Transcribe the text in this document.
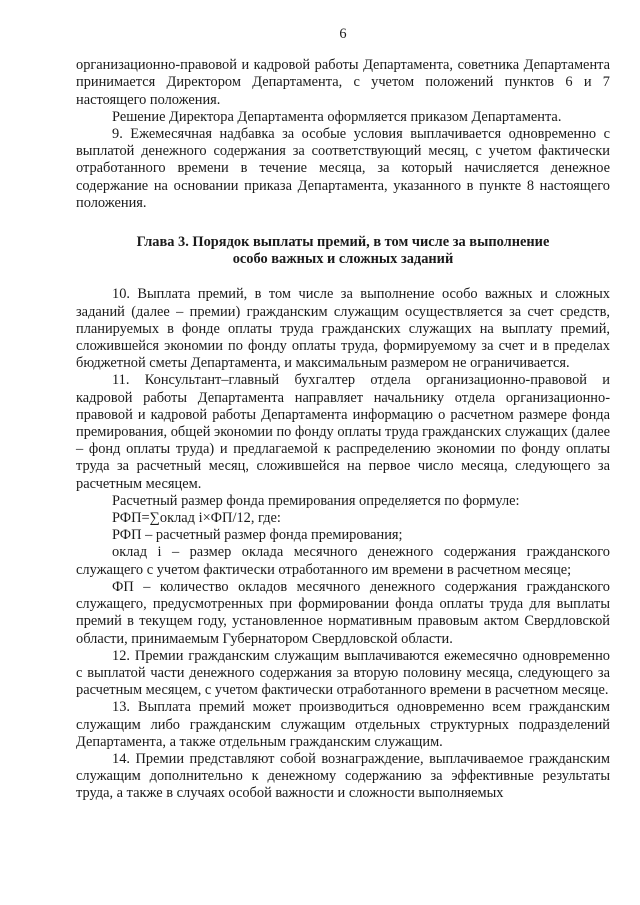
6

организационно-правовой и кадровой работы Департамента, советника Департамента принимается Директором Департамента, с учетом положений пунктов 6 и 7 настоящего положения.

Решение Директора Департамента оформляется приказом Департамента.

9. Ежемесячная надбавка за особые условия выплачивается одновременно с выплатой денежного содержания за соответствующий месяц, с учетом фактически отработанного времени в течение месяца, за который начисляется денежное содержание на основании приказа Департамента, указанного в пункте 8 настоящего положения.

Глава 3. Порядок выплаты премий, в том числе за выполнение
особо важных и сложных заданий

10. Выплата премий, в том числе за выполнение особо важных и сложных заданий (далее – премии) гражданским служащим осуществляется за счет средств, планируемых в фонде оплаты труда гражданских служащих на выплату премий, сложившейся экономии по фонду оплаты труда, формируемому за счет и в пределах бюджетной сметы Департамента, и максимальным размером не ограничивается.

11. Консультант–главный бухгалтер отдела организационно-правовой и кадровой работы Департамента направляет начальнику отдела организационно-правовой и кадровой работы Департамента информацию о расчетном размере фонда премирования, общей экономии по фонду оплаты труда гражданских служащих (далее – фонд оплаты труда) и предлагаемой к распределению экономии по фонду оплаты труда за расчетный месяц, сложившейся на первое число месяца, следующего за расчетным месяцем.

Расчетный размер фонда премирования определяется по формуле:

РФП=∑оклад i×ФП/12, где:

РФП – расчетный размер фонда премирования;

оклад i – размер оклада месячного денежного содержания гражданского служащего с учетом фактически отработанного им времени в расчетном месяце;

ФП – количество окладов месячного денежного содержания гражданского служащего, предусмотренных при формировании фонда оплаты труда для выплаты премий в текущем году, установленное нормативным правовым актом Свердловской области, принимаемым Губернатором Свердловской области.

12. Премии гражданским служащим выплачиваются ежемесячно одновременно с выплатой части денежного содержания за вторую половину месяца, следующего за расчетным месяцем, с учетом фактически отработанного времени в расчетном месяце.

13. Выплата премий может производиться одновременно всем гражданским служащим либо гражданским служащим отдельных структурных подразделений Департамента, а также отдельным гражданским служащим.

14. Премии представляют собой вознаграждение, выплачиваемое гражданским служащим дополнительно к денежному содержанию за эффективные результаты труда, а также в случаях особой важности и сложности выполняемых
